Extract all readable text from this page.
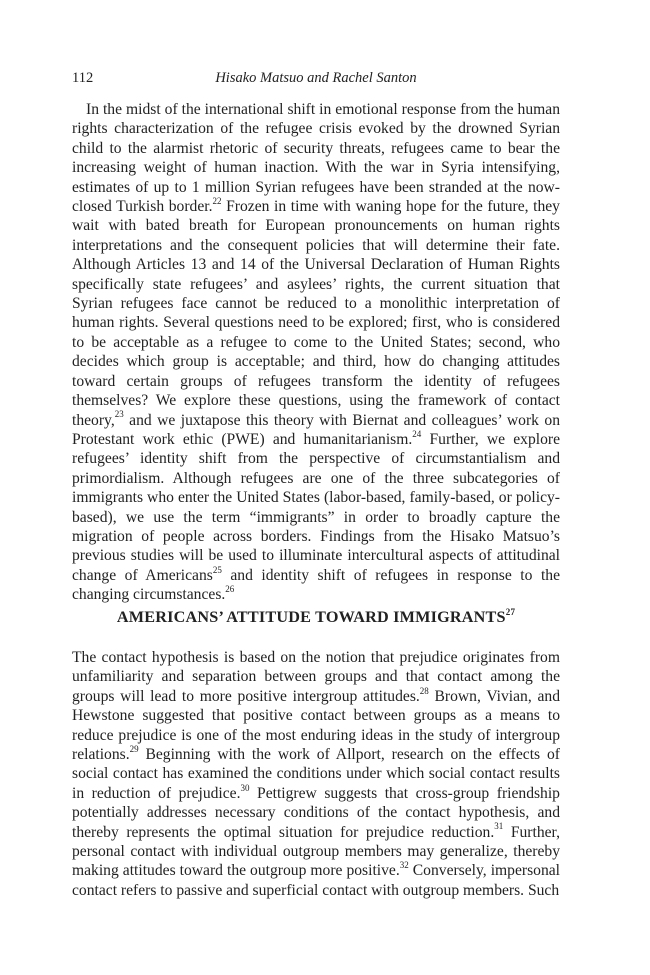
112	Hisako Matsuo and Rachel Santon

In the midst of the international shift in emotional response from the human rights characterization of the refugee crisis evoked by the drowned Syrian child to the alarmist rhetoric of security threats, refugees came to bear the increasing weight of human inaction. With the war in Syria intensifying, estimates of up to 1 million Syrian refugees have been stranded at the now-closed Turkish border.$^{22}$ Frozen in time with waning hope for the future, they wait with bated breath for European pronouncements on human rights interpretations and the consequent policies that will determine their fate. Although Articles 13 and 14 of the Universal Declaration of Human Rights specifically state refugees’ and asylees’ rights, the current situation that Syrian refugees face cannot be reduced to a monolithic interpretation of human rights. Several questions need to be explored; first, who is considered to be acceptable as a refugee to come to the United States; second, who decides which group is acceptable; and third, how do changing attitudes toward certain groups of refugees transform the identity of refugees themselves? We explore these questions, using the framework of contact theory,$^{23}$ and we juxtapose this theory with Biernat and colleagues’ work on Protestant work ethic (PWE) and humanitarianism.$^{24}$ Further, we explore refugees’ identity shift from the perspective of circumstantialism and primordialism. Although refugees are one of the three subcategories of immigrants who enter the United States (labor-based, family-based, or policy-based), we use the term “immigrants” in order to broadly capture the migration of people across borders. Findings from the Hisako Matsuo’s previous studies will be used to illuminate intercultural aspects of attitudinal change of Americans$^{25}$ and identity shift of refugees in response to the changing circumstances.$^{26}$

AMERICANS’ ATTITUDE TOWARD IMMIGRANTS$^{27}$

The contact hypothesis is based on the notion that prejudice originates from unfamiliarity and separation between groups and that contact among the groups will lead to more positive intergroup attitudes.$^{28}$ Brown, Vivian, and Hewstone suggested that positive contact between groups as a means to reduce prejudice is one of the most enduring ideas in the study of intergroup relations.$^{29}$ Beginning with the work of Allport, research on the effects of social contact has examined the conditions under which social contact results in reduction of prejudice.$^{30}$ Pettigrew suggests that cross-group friendship potentially addresses necessary conditions of the contact hypothesis, and thereby represents the optimal situation for prejudice reduction.$^{31}$ Further, personal contact with individual outgroup members may generalize, thereby making attitudes toward the outgroup more positive.$^{32}$ Conversely, impersonal contact refers to passive and superficial contact with outgroup members. Such
